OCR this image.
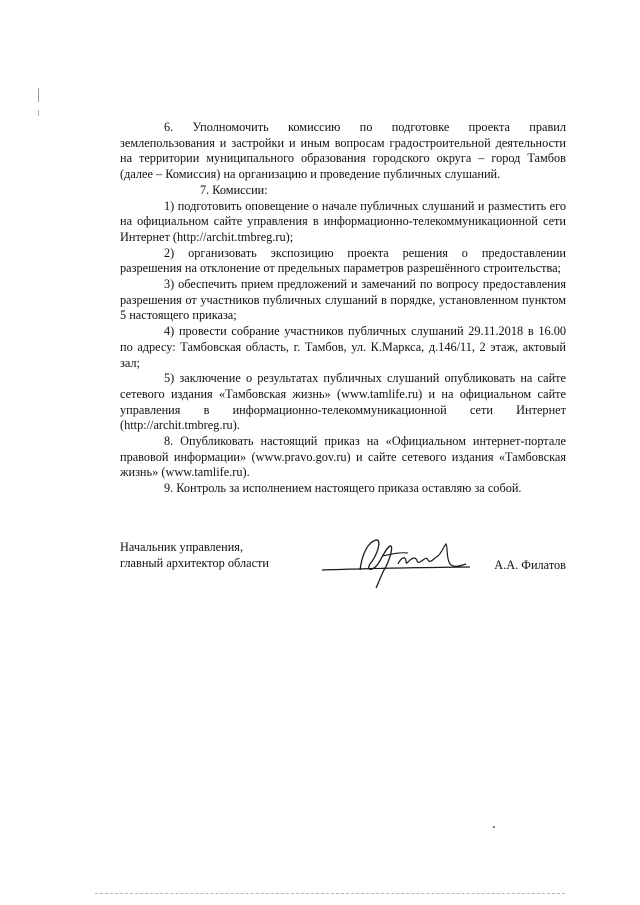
6. Уполномочить комиссию по подготовке проекта правил землепользования и застройки и иным вопросам градостроительной деятельности на территории муниципального образования городского округа – город Тамбов (далее – Комиссия) на организацию и проведение публичных слушаний.

7. Комиссии:

1) подготовить оповещение о начале публичных слушаний и разместить его на официальном сайте управления в информационно-телекоммуникационной сети Интернет (http://archit.tmbreg.ru);

2) организовать экспозицию проекта решения о предоставлении разрешения на отклонение от предельных параметров разрешённого строительства;

3) обеспечить прием предложений и замечаний по вопросу предоставления разрешения от участников публичных слушаний в порядке, установленном пунктом 5 настоящего приказа;

4) провести собрание участников публичных слушаний 29.11.2018 в 16.00 по адресу: Тамбовская область, г. Тамбов, ул. К.Маркса, д.146/11, 2 этаж, актовый зал;

5) заключение о результатах публичных слушаний опубликовать на сайте сетевого издания «Тамбовская жизнь» (www.tamlife.ru) и на официальном сайте управления в информационно-телекоммуникационной сети Интернет (http://archit.tmbreg.ru).

8. Опубликовать настоящий приказ на «Официальном интернет-портале правовой информации» (www.pravo.gov.ru) и сайте сетевого издания «Тамбовская жизнь» (www.tamlife.ru).

9. Контроль за исполнением настоящего приказа оставляю за собой.

Начальник управления,
главный архитектор области	А.А. Филатов
